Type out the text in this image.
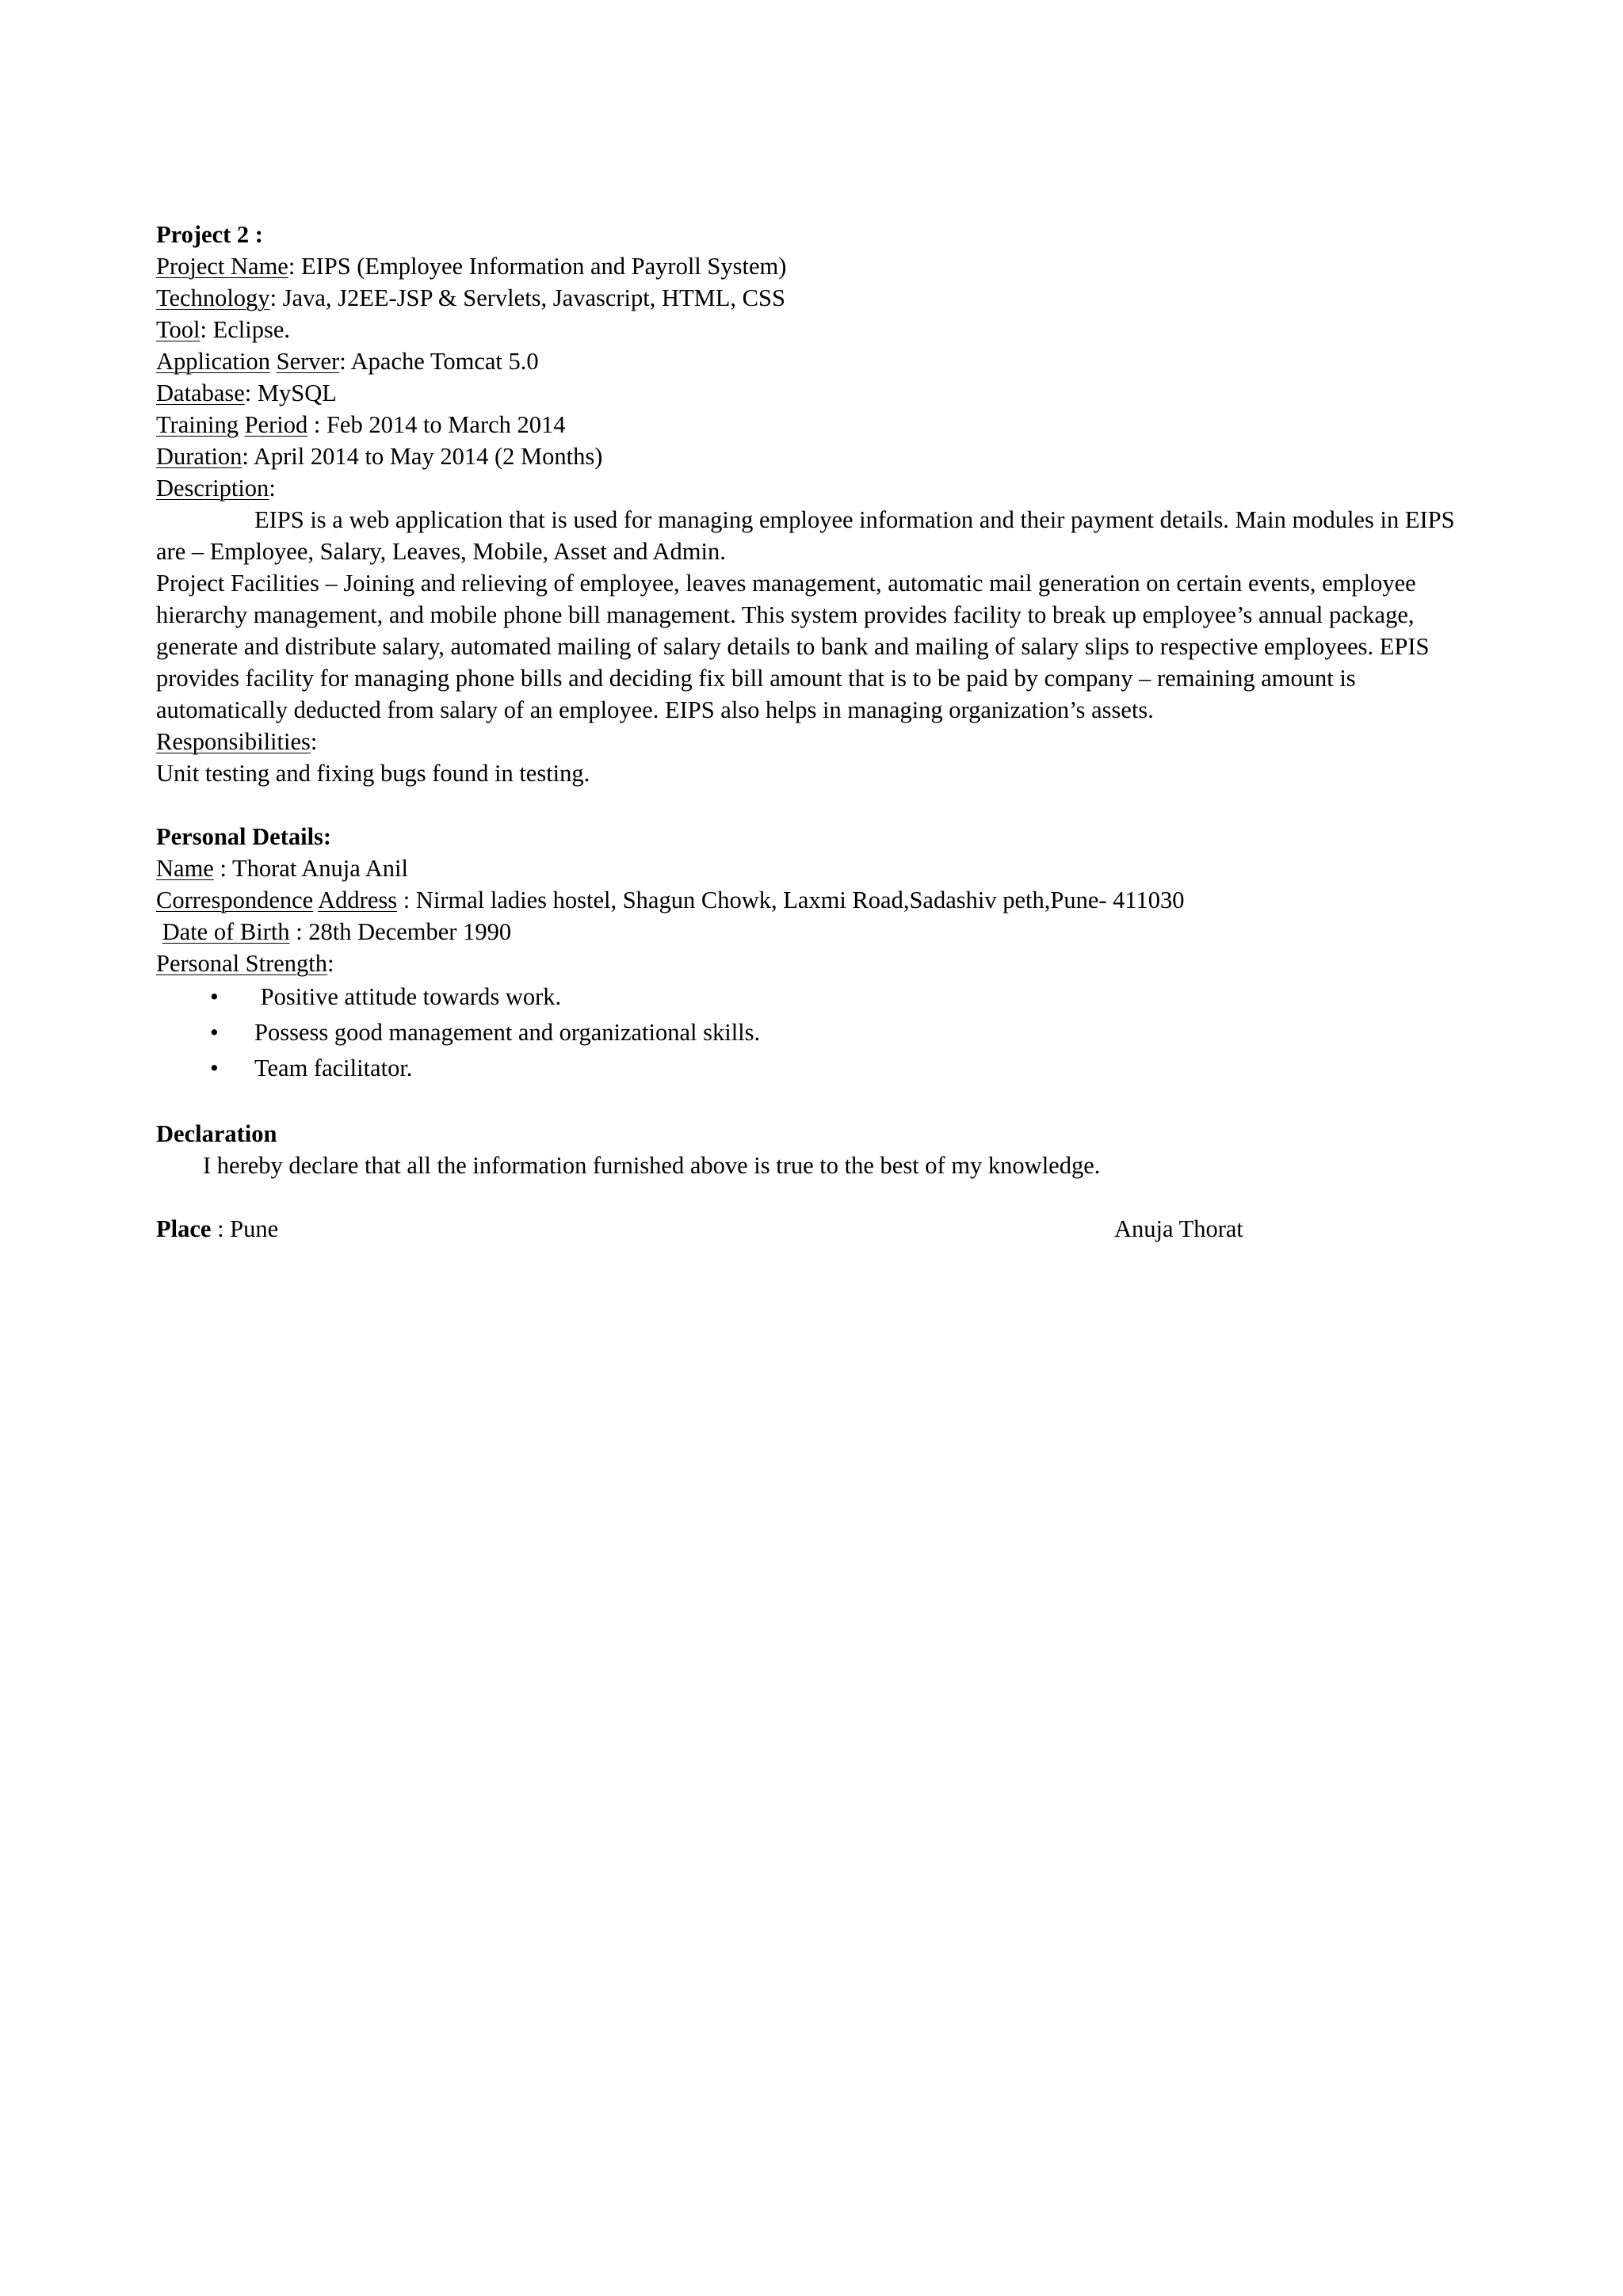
Project 2 :
Project Name: EIPS (Employee Information and Payroll System)
Technology: Java, J2EE-JSP & Servlets, Javascript, HTML, CSS
Tool: Eclipse.
Application Server: Apache Tomcat 5.0
Database: MySQL
Training Period : Feb 2014 to March 2014
Duration: April 2014 to May 2014 (2 Months)
Description:
EIPS is a web application that is used for managing employee information and their payment details. Main modules in EIPS are – Employee, Salary, Leaves, Mobile, Asset and Admin.
Project Facilities – Joining and relieving of employee, leaves management, automatic mail generation on certain events, employee hierarchy management, and mobile phone bill management. This system provides facility to break up employee’s annual package, generate and distribute salary, automated mailing of salary details to bank and mailing of salary slips to respective employees. EPIS provides facility for managing phone bills and deciding fix bill amount that is to be paid by company – remaining amount is automatically deducted from salary of an employee. EIPS also helps in managing organization’s assets.
Responsibilities:
Unit testing and fixing bugs found in testing.
Personal Details:
Name : Thorat Anuja Anil
Correspondence Address : Nirmal ladies hostel, Shagun Chowk, Laxmi Road,Sadashiv peth,Pune- 411030
Date of Birth : 28th December 1990
Personal Strength:
• Positive attitude towards work.
• Possess good management and organizational skills.
• Team facilitator.
Declaration
I hereby declare that all the information furnished above is true to the best of my knowledge.
Place : Pune	Anuja Thorat
